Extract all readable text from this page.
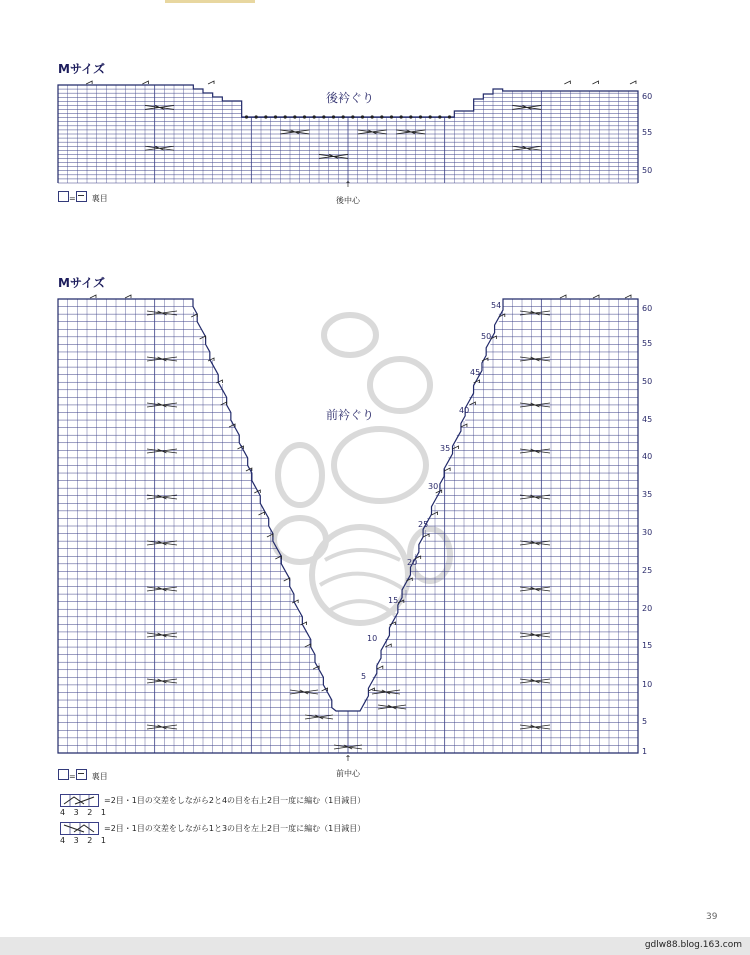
Mサイズ
後衿ぐり	60
55
50
↑
後中心
= 裏目
Mサイズ
前衿ぐり
60
55
50
45
40
35
30
25
20
15
10
5
1
54
50
45
40
35
30
25
20
15
10
5
↑
前中心
= 裏目
4 3 2 1
=2目・1目の交差をしながら2と4の目を右上2目一度に編む（1目減目）
4 3 2 1
=2目・1目の交差をしながら1と3の目を左上2目一度に編む（1目減目）
39
gdlw88.blog.163.com
